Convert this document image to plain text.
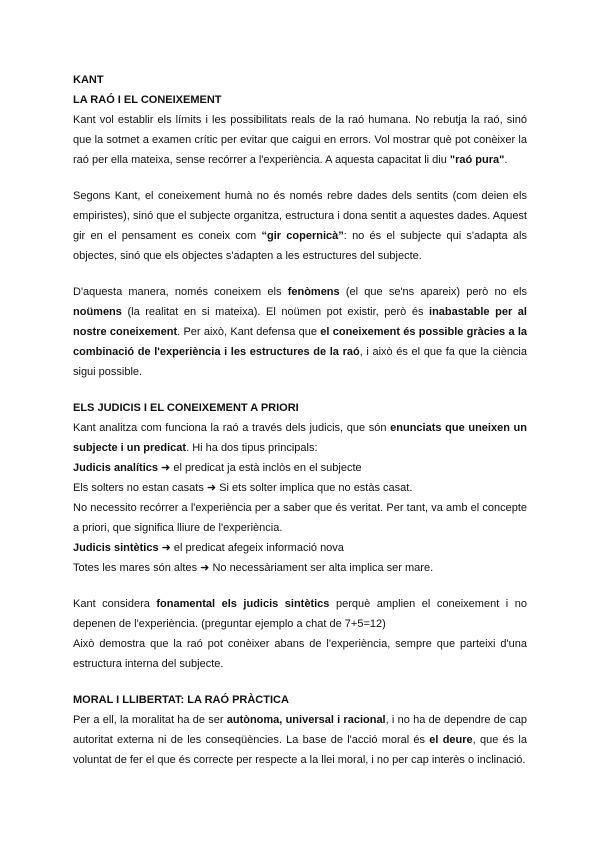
KANT

LA RAÓ I EL CONEIXEMENT

Kant vol establir els límits i les possibilitats reals de la raó humana. No rebutja la raó, sinó que la sotmet a examen crític per evitar que caigui en errors. Vol mostrar què pot conèixer la raó per ella mateixa, sense recórrer a l'experiència. A aquesta capacitat li diu "raó pura".

Segons Kant, el coneixement humà no és només rebre dades dels sentits (com deien els empiristes), sinó que el subjecte organitza, estructura i dona sentit a aquestes dades. Aquest gir en el pensament es coneix com “gir copernicà”: no és el subjecte qui s'adapta als objectes, sinó que els objectes s'adapten a les estructures del subjecte.

D'aquesta manera, només coneixem els fenòmens (el que se'ns apareix) però no els noümens (la realitat en si mateixa). El noümen pot existir, però és inabastable per al nostre coneixement. Per això, Kant defensa que el coneixement és possible gràcies a la combinació de l'experiència i les estructures de la raó, i això és el que fa que la ciència sigui possible.

ELS JUDICIS I EL CONEIXEMENT A PRIORI

Kant analitza com funciona la raó a través dels judicis, que són enunciats que uneixen un subjecte i un predicat. Hi ha dos tipus principals:

Judicis analítics ➜ el predicat ja està inclòs en el subjecte

Els solters no estan casats ➜ Si ets solter implica que no estàs casat.

No necessito recórrer a l'experiència per a saber que és veritat. Per tant, va amb el concepte a priori, que significa lliure de l'experiència.

Judicis sintètics ➜ el predicat afegeix informació nova

Totes les mares són altes ➜ No necessàriament ser alta implica ser mare.

Kant considera fonamental els judicis sintètics perquè amplien el coneixement i no depenen de l'experiència. (preguntar ejemplo a chat de 7+5=12)

Això demostra que la raó pot conèixer abans de l'experiència, sempre que parteixi d'una estructura interna del subjecte.

MORAL I LLIBERTAT: LA RAÓ PRÀCTICA

Per a ell, la moralitat ha de ser autònoma, universal i racional, i no ha de dependre de cap autoritat externa ni de les conseqüències. La base de l'acció moral és el deure, que és la voluntat de fer el que és correcte per respecte a la llei moral, i no per cap interès o inclinació.
